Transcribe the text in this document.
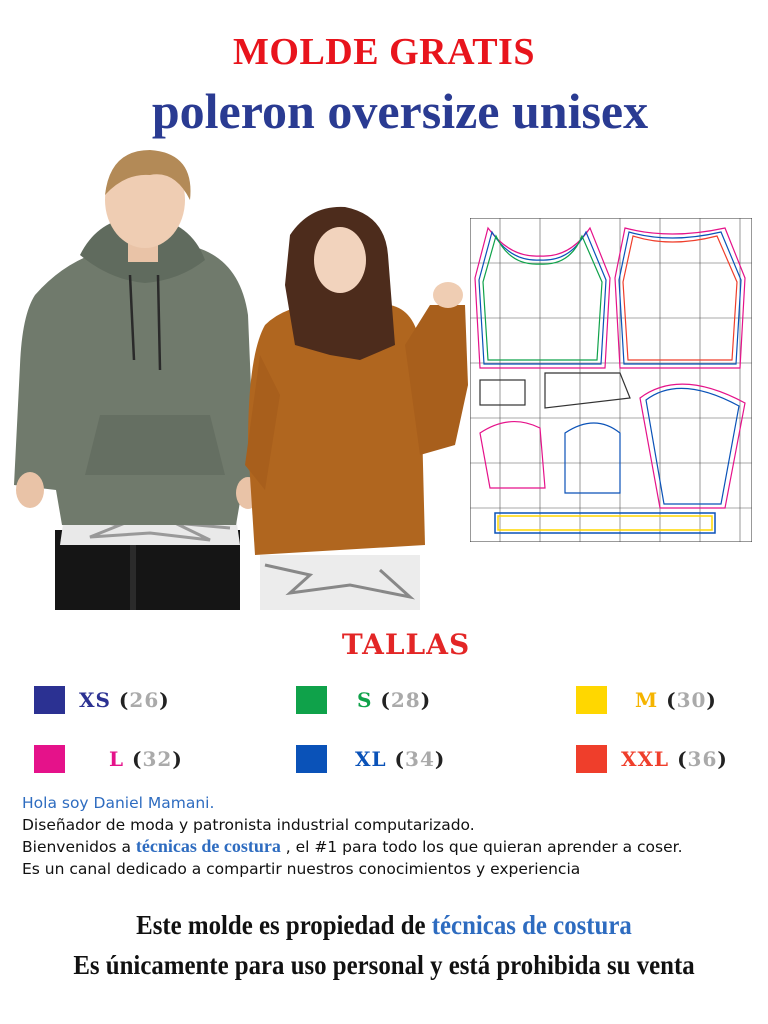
MOLDE GRATIS
poleron oversize unisex
TALLAS
XS (26)	S (28)	M (30)
L (32)	XL (34)	XXL (36)
Hola soy Daniel Mamani.
Diseñador de moda y patronista industrial computarizado.
Bienvenidos a técnicas de costura , el #1 para todo los que quieran aprender a coser.
Es un canal dedicado a compartir nuestros conocimientos y experiencia
Este molde es propiedad de técnicas de costura
Es únicamente para uso personal y está prohibida su venta
